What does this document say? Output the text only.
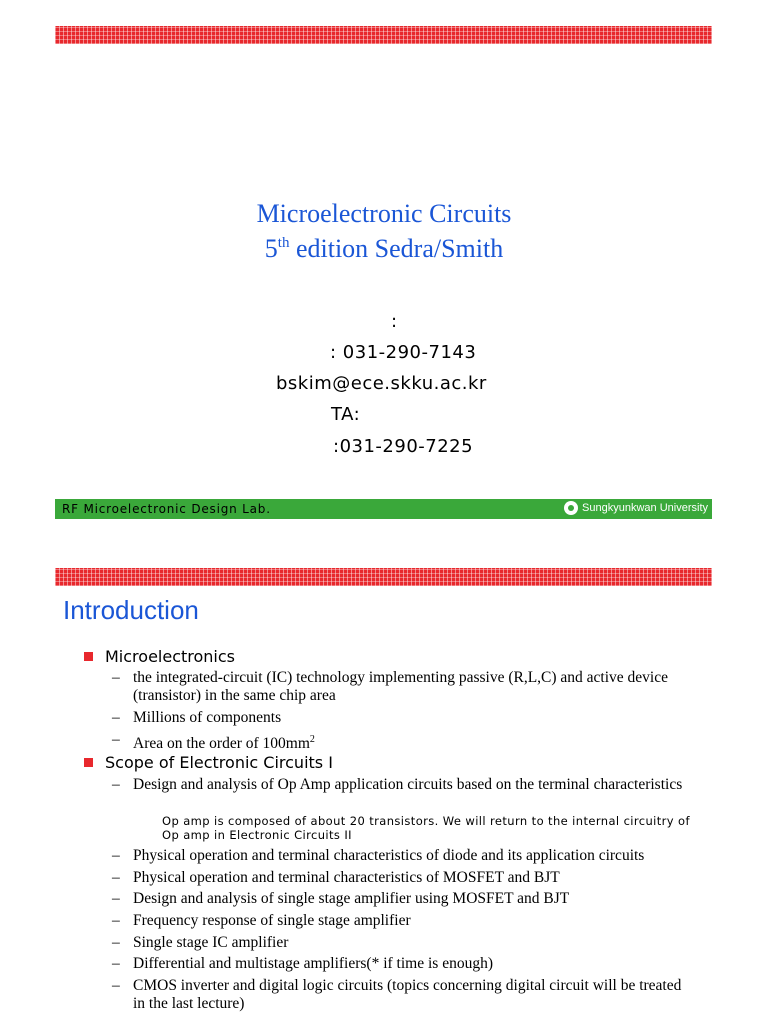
Microelectronic Circuits
5th edition Sedra/Smith
:
: 031-290-7143
bskim@ece.skku.ac.kr
TA:
:031-290-7225
RF Microelectronic Design Lab.	Sungkyunkwan University
Introduction
Microelectronics
– the integrated-circuit (IC) technology implementing passive (R,L,C) and active device (transistor) in the same chip area
– Millions of components
– Area on the order of $100mm^2$
Scope of Electronic Circuits I
– Design and analysis of Op Amp application circuits based on the terminal characteristics
Op amp is composed of about 20 transistors. We will return to the internal circuitry of Op amp in Electronic Circuits II
– Physical operation and terminal characteristics of diode and its application circuits
– Physical operation and terminal characteristics of MOSFET and BJT
– Design and analysis of single stage amplifier using MOSFET and BJT
– Frequency response of single stage amplifier
– Single stage IC amplifier
– Differential and multistage amplifiers(* if time is enough)
– CMOS inverter and digital logic circuits (topics concerning digital circuit will be treated in the last lecture)
